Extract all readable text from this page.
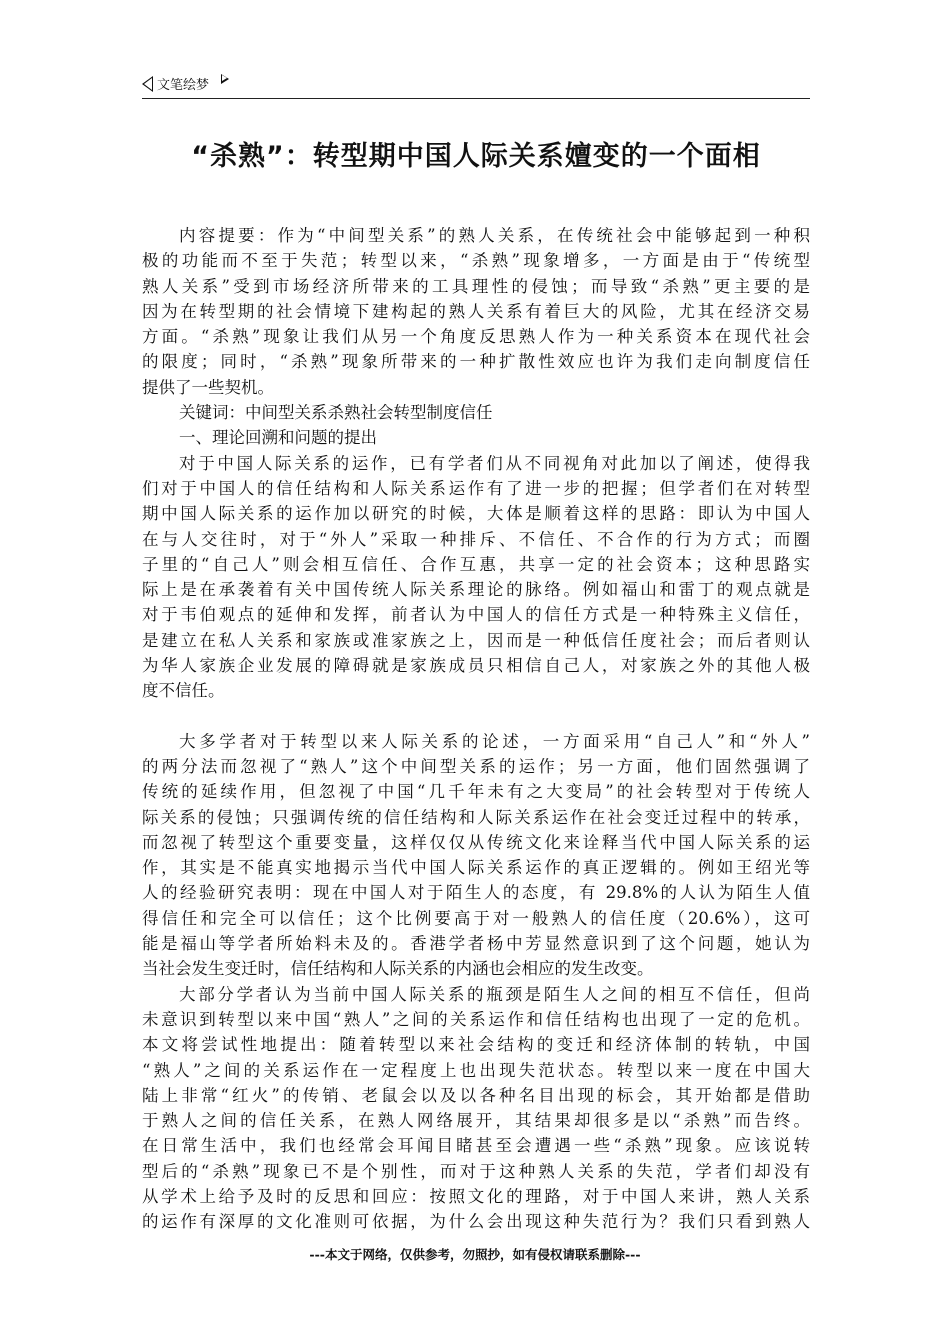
文笔绘梦
“杀熟”：转型期中国人际关系嬗变的一个面相
内容提要：作为“中间型关系”的熟人关系，在传统社会中能够起到一种积
极的功能而不至于失范；转型以来，“杀熟”现象增多，一方面是由于“传统型
熟人关系”受到市场经济所带来的工具理性的侵蚀；而导致“杀熟”更主要的是
因为在转型期的社会情境下建构起的熟人关系有着巨大的风险，尤其在经济交易
方面。“杀熟”现象让我们从另一个角度反思熟人作为一种关系资本在现代社会
的限度；同时，“杀熟”现象所带来的一种扩散性效应也许为我们走向制度信任
提供了一些契机。
关键词：中间型关系杀熟社会转型制度信任
一、理论回溯和问题的提出
对于中国人际关系的运作，已有学者们从不同视角对此加以了阐述，使得我
们对于中国人的信任结构和人际关系运作有了进一步的把握；但学者们在对转型
期中国人际关系的运作加以研究的时候，大体是顺着这样的思路：即认为中国人
在与人交往时，对于“外人”采取一种排斥、不信任、不合作的行为方式；而圈
子里的“自己人”则会相互信任、合作互惠，共享一定的社会资本；这种思路实
际上是在承袭着有关中国传统人际关系理论的脉络。例如福山和雷丁的观点就是
对于韦伯观点的延伸和发挥，前者认为中国人的信任方式是一种特殊主义信任，
是建立在私人关系和家族或准家族之上，因而是一种低信任度社会；而后者则认
为华人家族企业发展的障碍就是家族成员只相信自己人，对家族之外的其他人极
度不信任。
大多学者对于转型以来人际关系的论述，一方面采用“自己人”和“外人”
的两分法而忽视了“熟人”这个中间型关系的运作；另一方面，他们固然强调了
传统的延续作用，但忽视了中国“几千年未有之大变局”的社会转型对于传统人
际关系的侵蚀；只强调传统的信任结构和人际关系运作在社会变迁过程中的转承，
而忽视了转型这个重要变量，这样仅仅从传统文化来诠释当代中国人际关系的运
作，其实是不能真实地揭示当代中国人际关系运作的真正逻辑的。例如王绍光等
人的经验研究表明：现在中国人对于陌生人的态度，有 29.8%的人认为陌生人值
得信任和完全可以信任；这个比例要高于对一般熟人的信任度（20.6%），这可
能是福山等学者所始料未及的。香港学者杨中芳显然意识到了这个问题，她认为
当社会发生变迁时，信任结构和人际关系的内涵也会相应的发生改变。
大部分学者认为当前中国人际关系的瓶颈是陌生人之间的相互不信任，但尚
未意识到转型以来中国“熟人”之间的关系运作和信任结构也出现了一定的危机。
本文将尝试性地提出：随着转型以来社会结构的变迁和经济体制的转轨，中国
“熟人”之间的关系运作在一定程度上也出现失范状态。转型以来一度在中国大
陆上非常“红火”的传销、老鼠会以及以各种名目出现的标会，其开始都是借助
于熟人之间的信任关系，在熟人网络展开，其结果却很多是以“杀熟”而告终。
在日常生活中，我们也经常会耳闻目睹甚至会遭遇一些“杀熟”现象。应该说转
型后的“杀熟”现象已不是个别性，而对于这种熟人关系的失范，学者们却没有
从学术上给予及时的反思和回应：按照文化的理路，对于中国人来讲，熟人关系
的运作有深厚的文化准则可依据，为什么会出现这种失范行为？我们只看到熟人
---本文于网络，仅供参考，勿照抄，如有侵权请联系删除---
